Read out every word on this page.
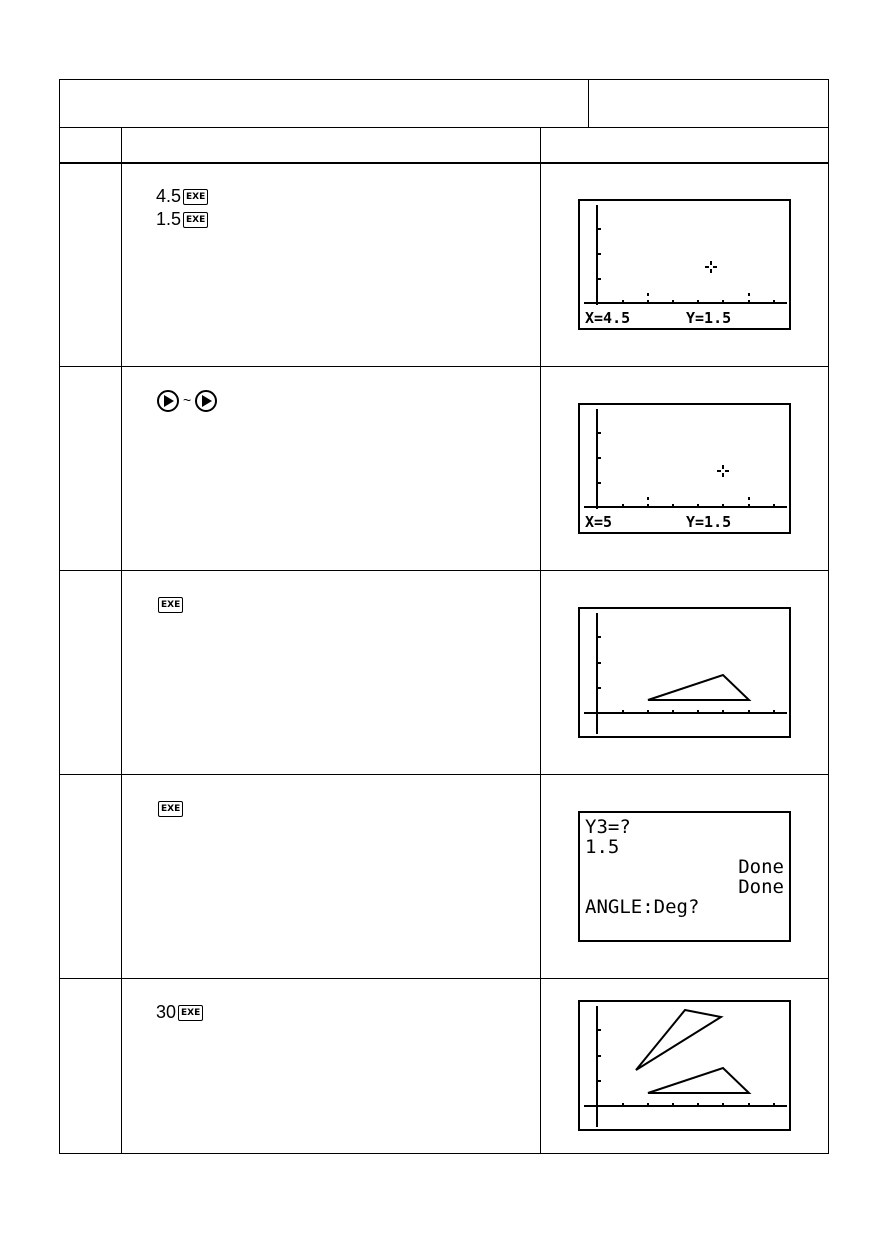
4.5 EXE
1.5 EXE
X=4.5	Y=1.5
~
X=5	Y=1.5
EXE
EXE
Y3=?
1.5
Done
Done
ANGLE:Deg?
30 EXE
